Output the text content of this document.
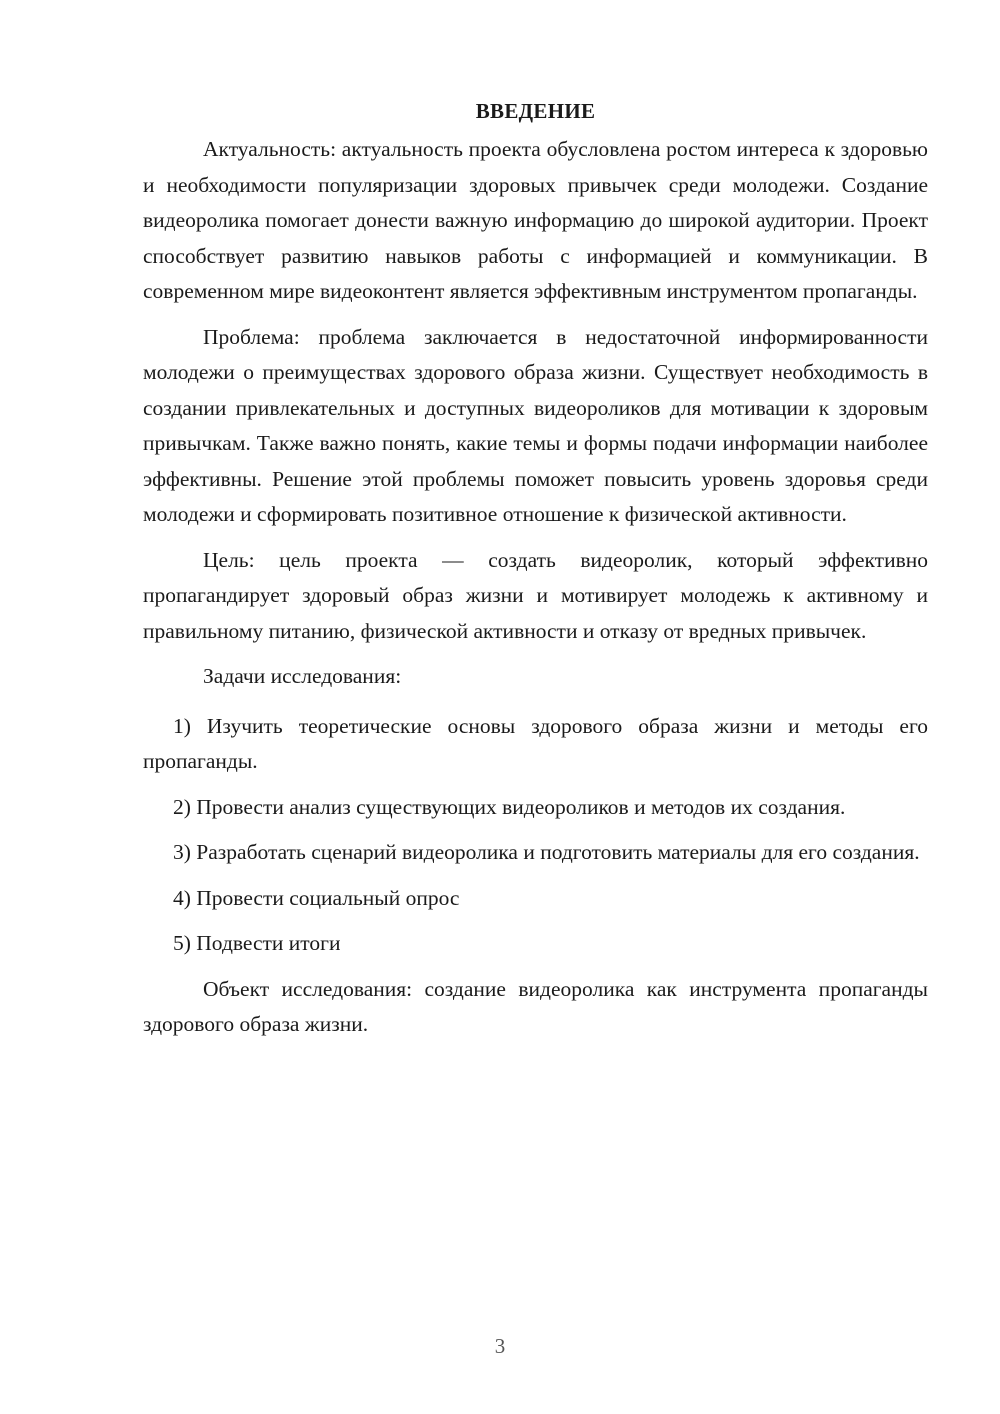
ВВЕДЕНИЕ

Актуальность: актуальность проекта обусловлена ростом интереса к здоровью и необходимости популяризации здоровых привычек среди молодежи. Создание видеоролика помогает донести важную информацию до широкой аудитории. Проект способствует развитию навыков работы с информацией и коммуникации. В современном мире видеоконтент является эффективным инструментом пропаганды.

Проблема: проблема заключается в недостаточной информированности молодежи о преимуществах здорового образа жизни. Существует необходимость в создании привлекательных и доступных видеороликов для мотивации к здоровым привычкам. Также важно понять, какие темы и формы подачи информации наиболее эффективны. Решение этой проблемы поможет повысить уровень здоровья среди молодежи и сформировать позитивное отношение к физической активности.

Цель: цель проекта — создать видеоролик, который эффективно пропагандирует здоровый образ жизни и мотивирует молодежь к активному и правильному питанию, физической активности и отказу от вредных привычек.

Задачи исследования:

1) Изучить теоретические основы здорового образа жизни и методы его пропаганды.

2) Провести анализ существующих видеороликов и методов их создания.

3) Разработать сценарий видеоролика и подготовить материалы для его создания.

4) Провести социальный опрос

5) Подвести итоги

Объект исследования: создание видеоролика как инструмента пропаганды здорового образа жизни.

3
